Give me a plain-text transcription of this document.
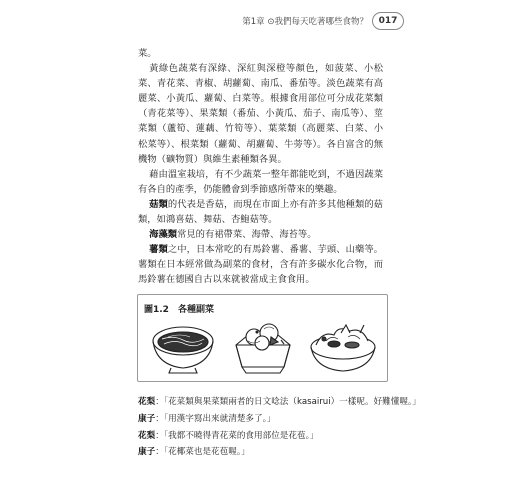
第1章 ⊙我們每天吃著哪些食物？	017

菜。

黃綠色蔬菜有深綠、深紅與深橙等顏色，如菠菜、小松菜、青花菜、青椒、胡蘿蔔、南瓜、番茄等。淡色蔬菜有高麗菜、小黃瓜、蘿蔔、白菜等。根據食用部位可分成花菜類（青花菜等）、果菜類（番茄、小黃瓜、茄子、南瓜等）、莖菜類（蘆筍、蓮藕、竹筍等）、葉菜類（高麗菜、白菜、小松菜等）、根菜類（蘿蔔、胡蘿蔔、牛蒡等）。各自富含的無機物（礦物質）與維生素種類各異。

藉由溫室栽培，有不少蔬菜一整年都能吃到，不過因蔬菜有各自的產季，仍能體會到季節感所帶來的樂趣。

菇類的代表是香菇，而現在市面上亦有許多其他種類的菇類，如鴻喜菇、舞菇、杏鮑菇等。

海藻類常見的有裙帶菜、海帶、海苔等。

薯類之中，日本常吃的有馬鈴薯、番薯、芋頭、山藥等。薯類在日本經常做為副菜的食材，含有許多碳水化合物，而馬鈴薯在德國自古以來就被當成主食食用。

圖1.2　各種副菜
花梨：「花菜類與果菜類兩者的日文唸法（kasairui）一樣呢。好難懂喔。」
康子：「用漢字寫出來就清楚多了。」
花梨：「我都不曉得青花菜的食用部位是花苞。」
康子：「花椰菜也是花苞喔。」
